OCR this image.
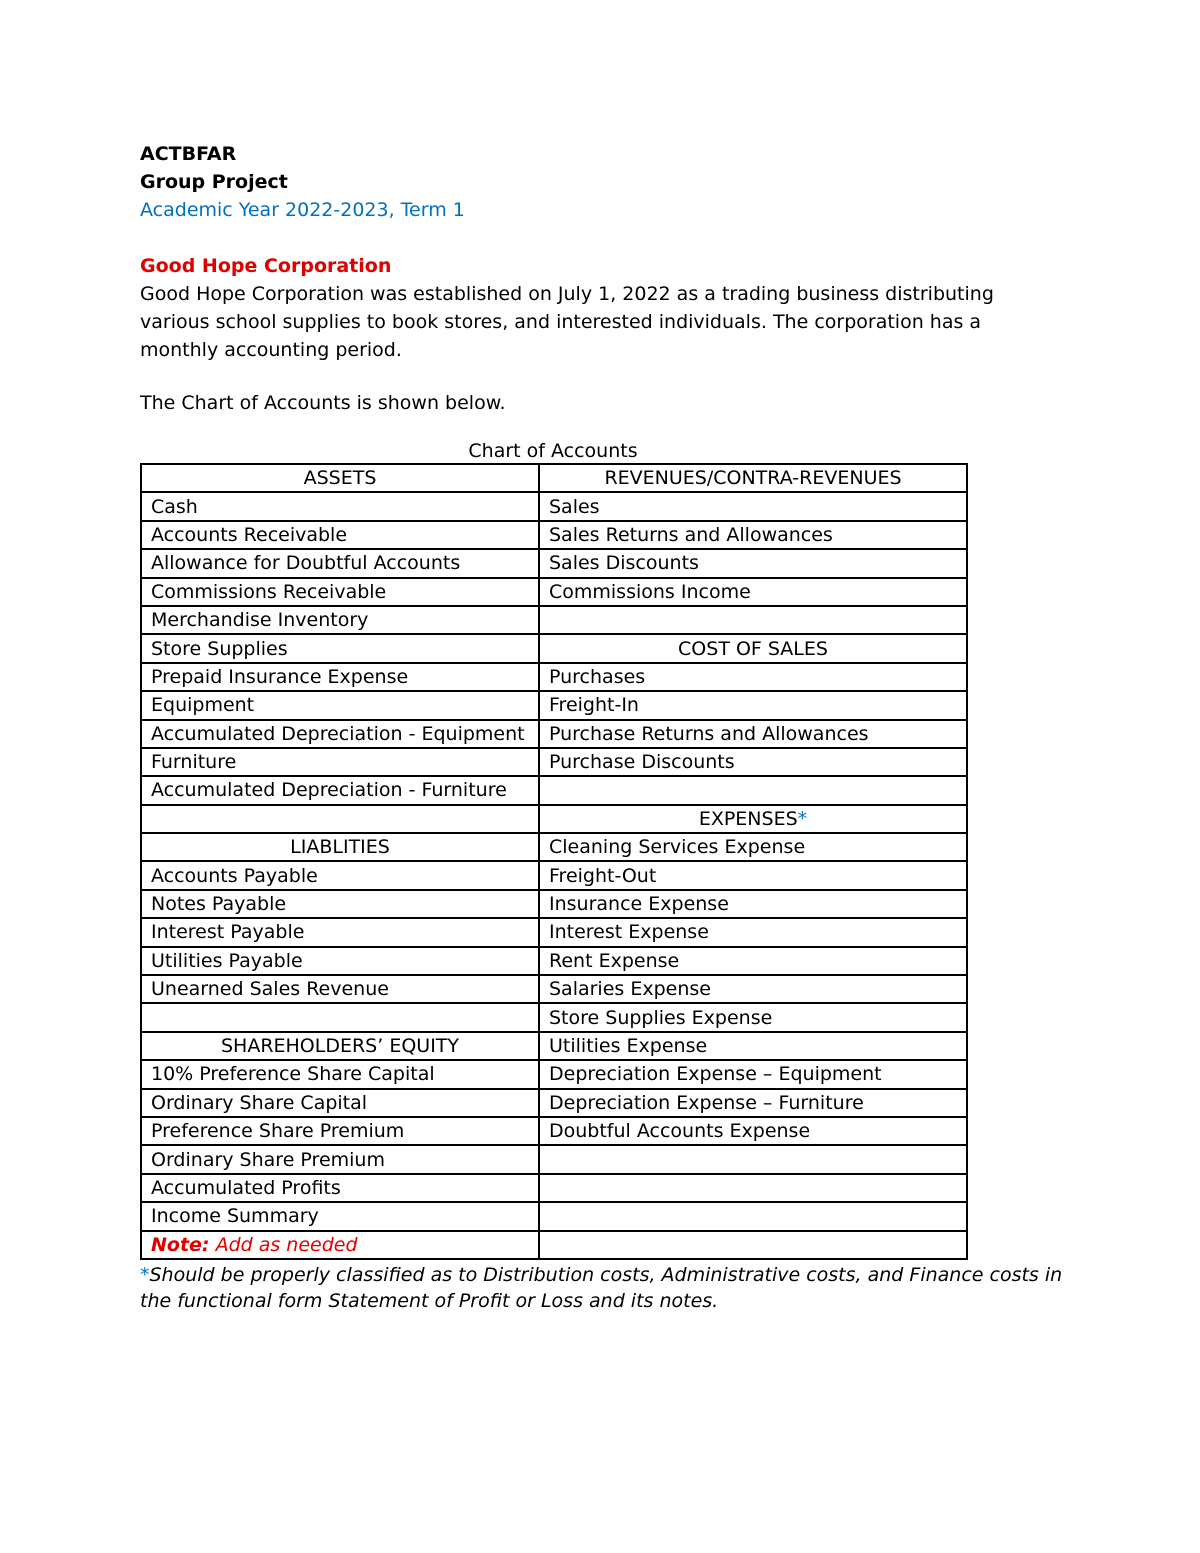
ACTBFAR
Group Project
Academic Year 2022-2023, Term 1
Good Hope Corporation
Good Hope Corporation was established on July 1, 2022 as a trading business distributing various school supplies to book stores, and interested individuals. The corporation has a monthly accounting period.
The Chart of Accounts is shown below.
Chart of Accounts
ASSETS	REVENUES/CONTRA-REVENUES
Cash	Sales
Accounts Receivable	Sales Returns and Allowances
Allowance for Doubtful Accounts	Sales Discounts
Commissions Receivable	Commissions Income
Merchandise Inventory	
Store Supplies	COST OF SALES
Prepaid Insurance Expense	Purchases
Equipment	Freight-In
Accumulated Depreciation - Equipment	Purchase Returns and Allowances
Furniture	Purchase Discounts
Accumulated Depreciation - Furniture	
	EXPENSES*
LIABLITIES	Cleaning Services Expense
Accounts Payable	Freight-Out
Notes Payable	Insurance Expense
Interest Payable	Interest Expense
Utilities Payable	Rent Expense
Unearned Sales Revenue	Salaries Expense
	Store Supplies Expense
SHAREHOLDERS’ EQUITY	Utilities Expense
10% Preference Share Capital	Depreciation Expense – Equipment
Ordinary Share Capital	Depreciation Expense – Furniture
Preference Share Premium	Doubtful Accounts Expense
Ordinary Share Premium	
Accumulated Profits	
Income Summary	
Note: Add as needed	
*Should be properly classified as to Distribution costs, Administrative costs, and Finance costs in the functional form Statement of Profit or Loss and its notes.
